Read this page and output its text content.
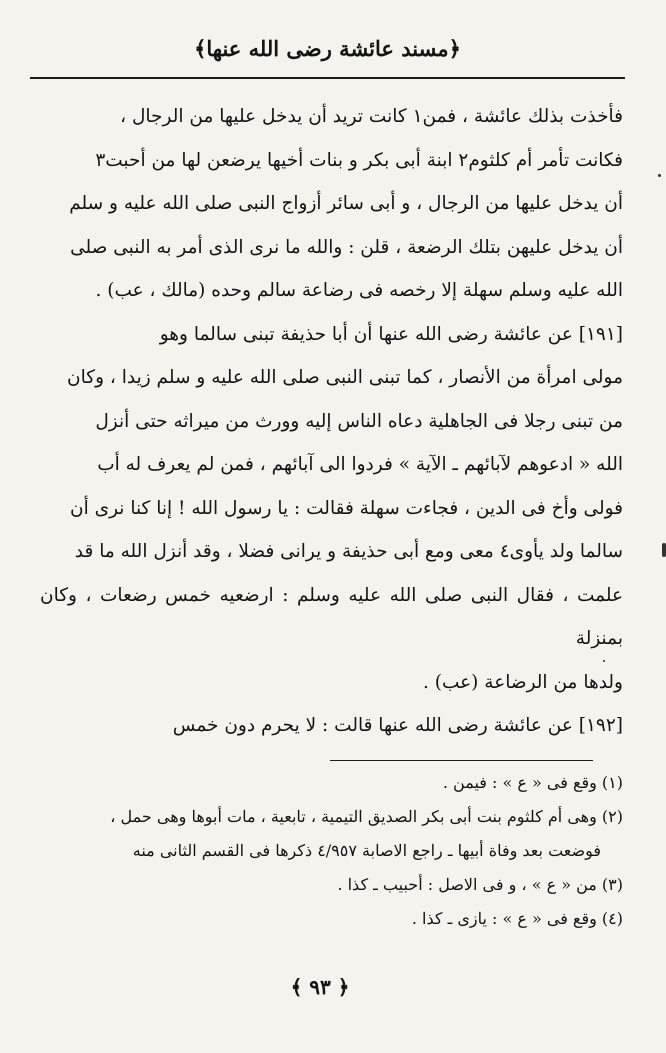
﴿مسند عائشة رضى الله عنها﴾

فأخذت بذلك عائشة ، فمن١ كانت تريد أن يدخل عليها من الرجال ،

فكانت تأمر أم كلثوم٢ ابنة أبى بكر و بنات أخيها يرضعن لها من أحبت٣

أن يدخل عليها من الرجال ، و أبى سائر أزواج النبى صلى الله عليه و سلم

أن يدخل عليهن بتلك الرضعة ، قلن : والله ما نرى الذى أمر به النبى صلى

الله عليه وسلم سهلة إلا رخصه فى رضاعة سالم وحده (مالك ، عب) .

[١٩١] عن عائشة رضى الله عنها أن أبا حذيفة تبنى سالما وهو

مولى امرأة من الأنصار ، كما تبنى النبى صلى الله عليه و سلم زيدا ، وكان

من تبنى رجلا فى الجاهلية دعاه الناس إليه وورث من ميراثه حتى أنزل

الله « ادعوهم لآبائهم ـ الآية » فردوا الى آبائهم ، فمن لم يعرف له أب

فولى وأخ فى الدين ، فجاءت سهلة فقالت : يا رسول الله ! إنا كنا نرى أن

سالما ولد يأوى٤ معى ومع أبى حذيفة و يرانى فضلا ، وقد أنزل الله ما قد

علمت ، فقال النبى صلى الله عليه وسلم : ارضعيه خمس رضعات ، وكان بمنزلة

ولدها من الرضاعة (عب) .

[١٩٢] عن عائشة رضى الله عنها قالت : لا يحرم دون خمس

(١) وقع فى « ع » : فيمن .

(٢) وهى أم كلثوم بنت أبى بكر الصديق التيمية ، تابعية ، مات أبوها وهى حمل ،

فوضعت بعد وفاة أبيها ـ راجع الاصابة ٤/٩٥٧ ذكرها فى القسم الثانى منه

(٣) من « ع » ، و فى الاصل : أحبيب ـ كذا .

(٤) وقع فى « ع » : يازى ـ كذا .

﴿ ٩٣ ﴾
